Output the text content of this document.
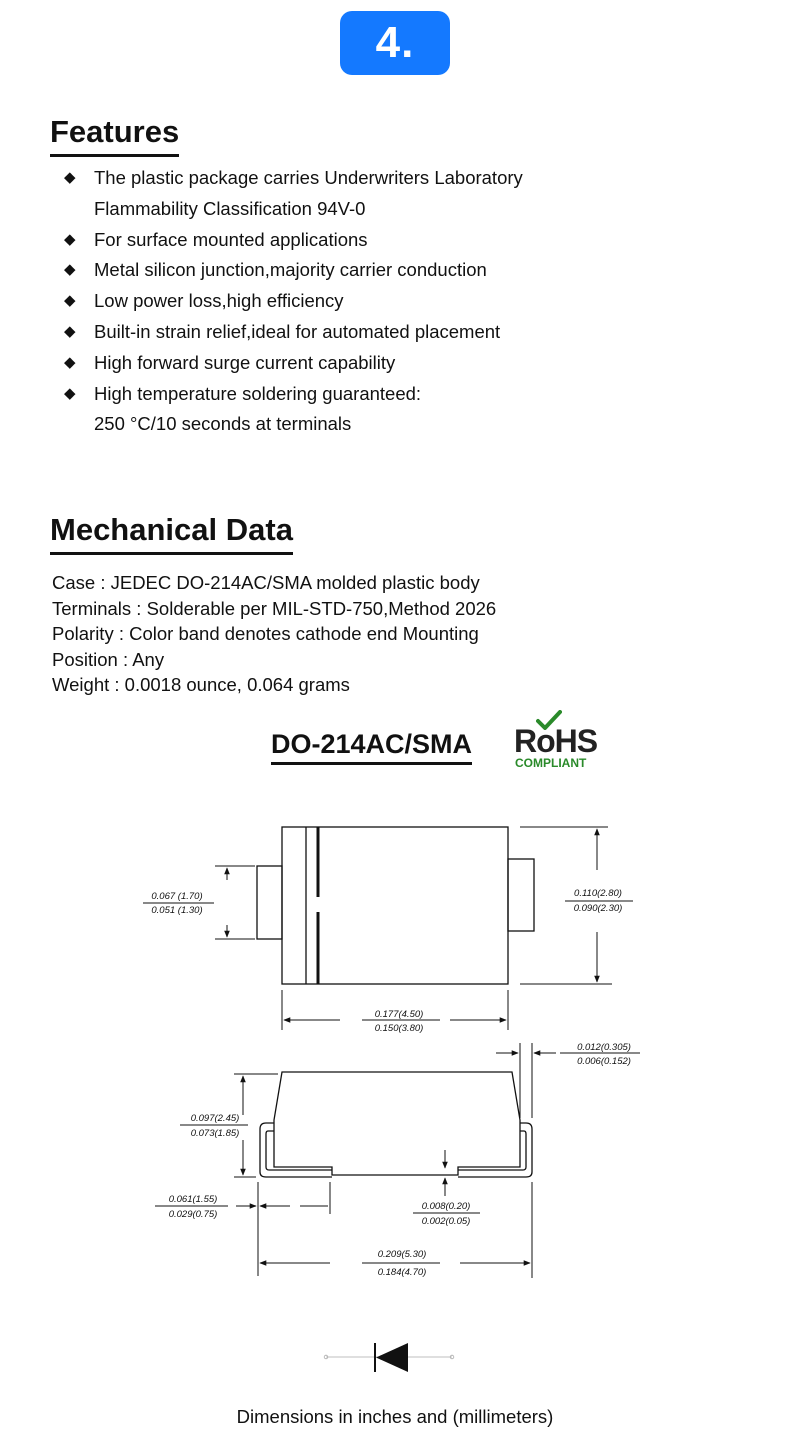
4.
Features
◆ The plastic package carries Underwriters Laboratory
Flammability Classification 94V-0
◆ For surface mounted applications
◆ Metal silicon junction,majority carrier conduction
◆ Low power loss,high efficiency
◆ Built-in strain relief,ideal for automated placement
◆ High forward surge current capability
◆ High temperature soldering guaranteed:
250 °C/10 seconds at terminals
Mechanical Data
Case : JEDEC DO-214AC/SMA molded plastic body
Terminals : Solderable per MIL-STD-750,Method 2026
Polarity : Color band denotes cathode end Mounting
Position : Any
Weight : 0.0018 ounce, 0.064 grams
DO-214AC/SMA RoHS
COMPLIANT
0.067 (1.70)
0.051 (1.30)
0.110(2.80)
0.090(2.30)
0.177(4.50)
0.150(3.80)
0.012(0.305)
0.006(0.152)
0.097(2.45)
0.073(1.85)
0.061(1.55)
0.029(0.75)
0.008(0.20)
0.002(0.05)
0.209(5.30)
0.184(4.70)
Dimensions in inches and (millimeters)
